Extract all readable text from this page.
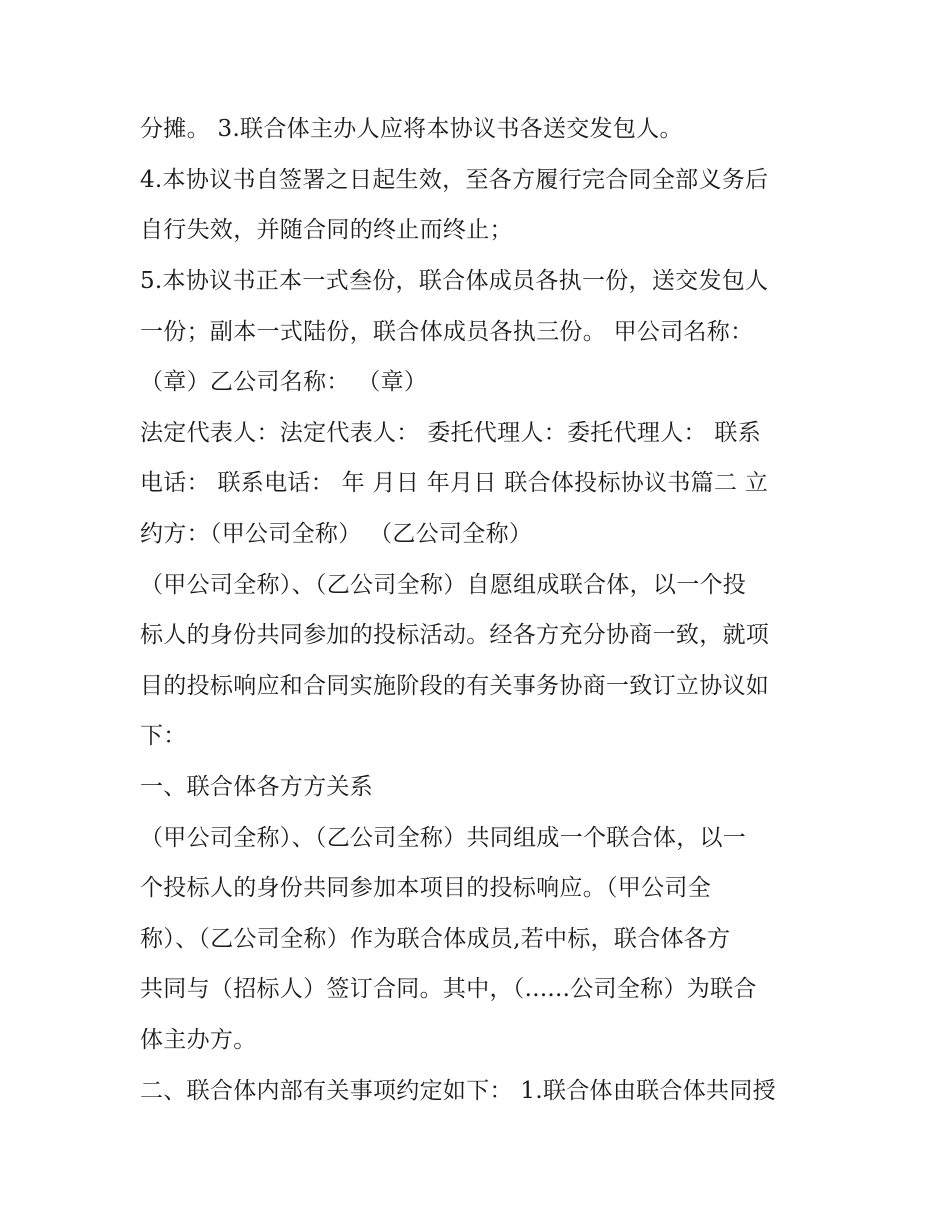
分摊。 3.联合体主办人应将本协议书各送交发包人。
4.本协议书自签署之日起生效，至各方履行完合同全部义务后
自行失效，并随合同的终止而终止；
5.本协议书正本一式叁份，联合体成员各执一份，送交发包人
一份；副本一式陆份，联合体成员各执三份。 甲公司名称：
（章）乙公司名称： （章）
法定代表人：法定代表人： 委托代理人：委托代理人： 联系
电话： 联系电话： 年 月日 年月日 联合体投标协议书篇二 立
约方：（甲公司全称） （乙公司全称）
（甲公司全称）、（乙公司全称）自愿组成联合体，以一个投
标人的身份共同参加的投标活动。经各方充分协商一致，就项
目的投标响应和合同实施阶段的有关事务协商一致订立协议如
下：
一、联合体各方方关系
（甲公司全称）、（乙公司全称）共同组成一个联合体，以一
个投标人的身份共同参加本项目的投标响应。（甲公司全
称）、（乙公司全称）作为联合体成员,若中标，联合体各方
共同与（招标人）签订合同。其中，（......公司全称）为联合
体主办方。
二、联合体内部有关事项约定如下： 1.联合体由联合体共同授
